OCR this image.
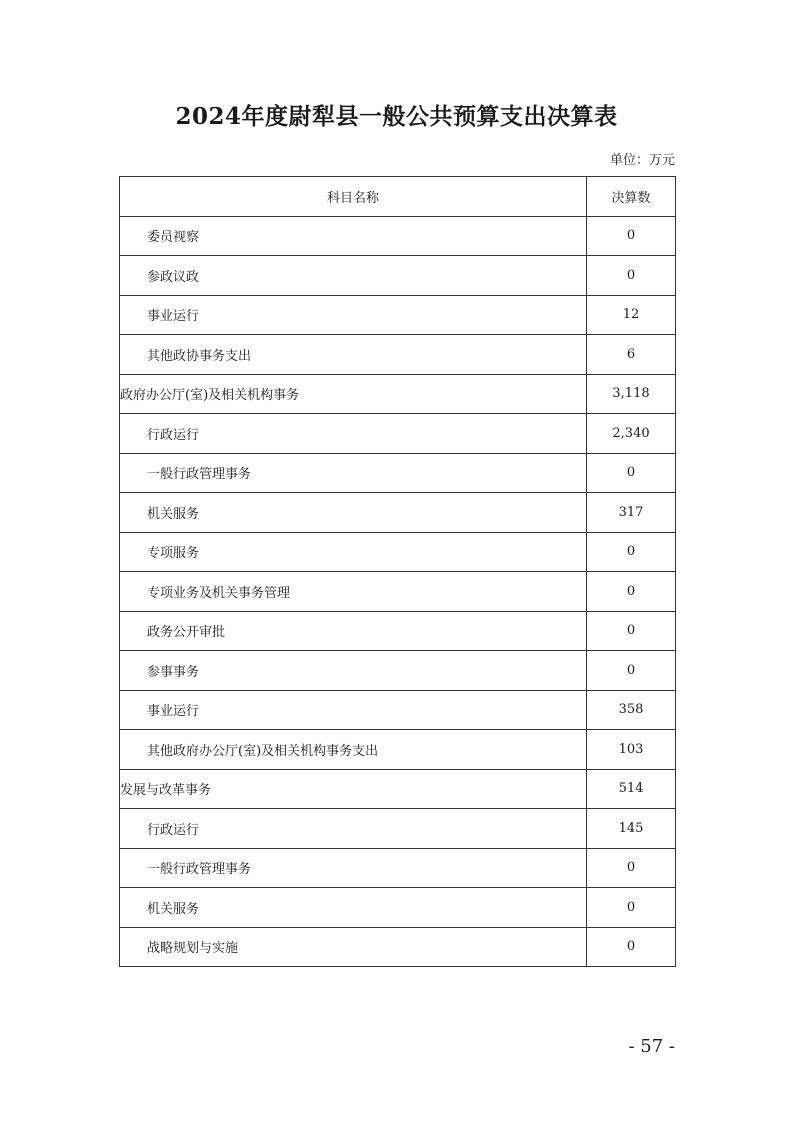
2024年度尉犁县一般公共预算支出决算表
单位：万元
科目名称	决算数
委员视察	0
参政议政	0
事业运行	12
其他政协事务支出	6
政府办公厅(室)及相关机构事务	3,118
行政运行	2,340
一般行政管理事务	0
机关服务	317
专项服务	0
专项业务及机关事务管理	0
政务公开审批	0
参事事务	0
事业运行	358
其他政府办公厅(室)及相关机构事务支出	103
发展与改革事务	514
行政运行	145
一般行政管理事务	0
机关服务	0
战略规划与实施	0
- 57 -
